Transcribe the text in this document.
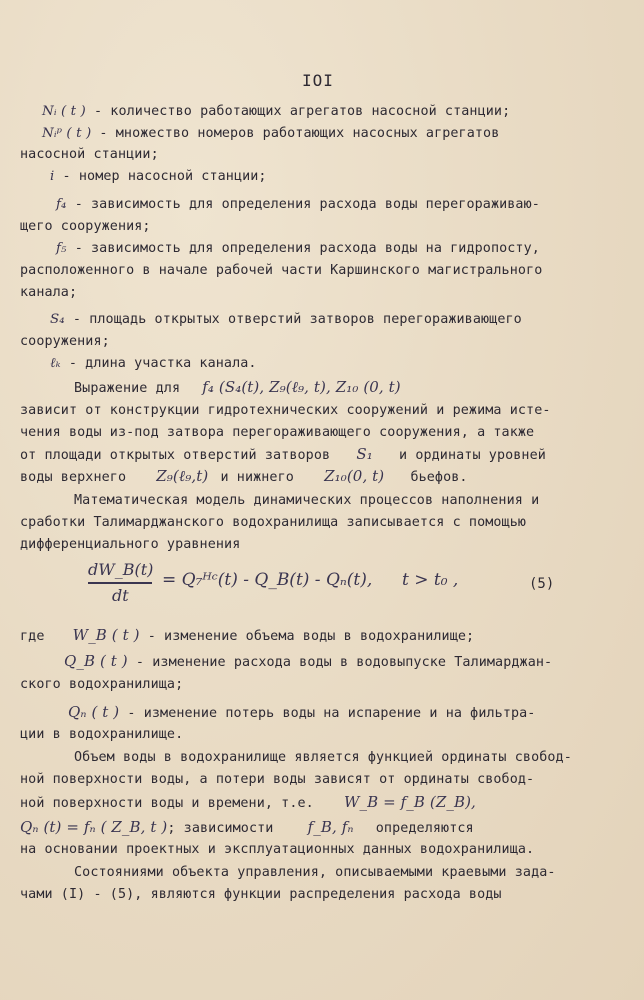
IOI
Nᵢ ( t ) - количество работающих агрегатов насосной станции;
Nᵢᵖ ( t ) - множество номеров работающих насосных агрегатов
насосной станции;
i - номер насосной станции;
f₄ - зависимость для определения расхода воды перегораживаю-
щего сооружения;
f₅ - зависимость для определения расхода воды на гидропосту,
расположенного в начале рабочей части Каршинского магистрального
канала;
S₄ - площадь открытых отверстий затворов перегораживающего
сооружения;
ℓₖ - длина участка канала.
Выражение для f₄ (S₄(t), Z₉(ℓ₉, t), Z₁₀ (0, t)
зависит от конструкции гидротехнических сооружений и режима исте-
чения воды из-под затвора перегораживающего сооружения, а также
от площади открытых отверстий затворов S₁ и ординаты уровней
воды верхнего Z₉(ℓ₉,t) и нижнего Z₁₀(0, t) бьефов.
Математическая модель динамических процессов наполнения и
сработки Талимарджанского водохранилища записывается с помощью
дифференциального уравнения
dW_B(t)
dt
= Q₇ᴴᶜ(t) - Q_B(t) - Qₙ(t), t > t₀ ,	(5)
где W_B ( t ) - изменение объема воды в водохранилище;
Q_B ( t ) - изменение расхода воды в водовыпуске Талимарджан-
ского водохранилища;
Qₙ ( t ) - изменение потерь воды на испарение и на фильтра-
ции в водохранилище.
Объем воды в водохранилище является функцией ординаты свобод-
ной поверхности воды, а потери воды зависят от ординаты свобод-
ной поверхности воды и времени, т.е. W_B = f_B (Z_B),
Qₙ (t) = fₙ ( Z_B, t ); зависимости f_B, fₙ определяются
на основании проектных и эксплуатационных данных водохранилища.
Состояниями объекта управления, описываемыми краевыми зада-
чами (I) - (5), являются функции распределения расхода воды
